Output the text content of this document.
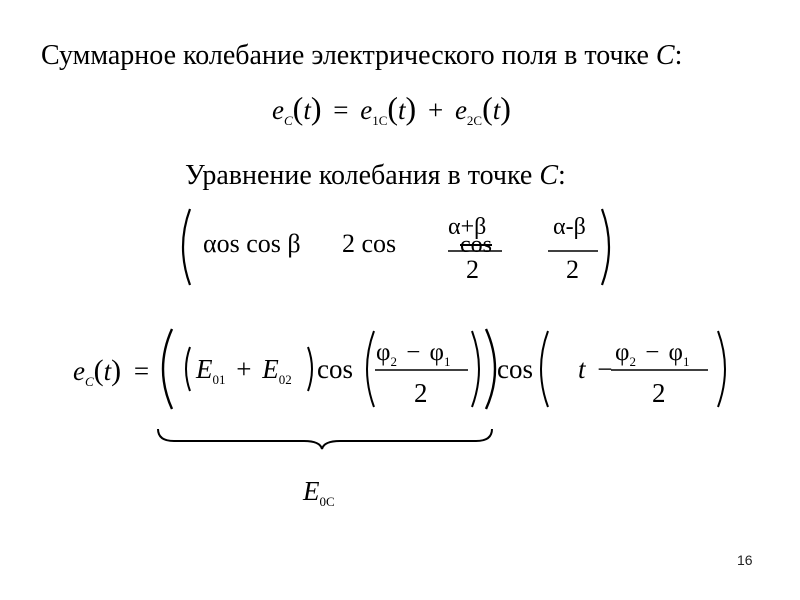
Суммарное колебание электрического поля в точке C:
$e_C(t) = e_{1C}(t) + e_{2C}(t)$
Уравнение колебания в точке C:
αos cos β 2 cos	cos
α+β
2
α-β
2
$e_C(t) = E_{01} + E_{02}$ cos
$\varphi_2 - \varphi_1$
2
cos t −
$\varphi_2 - \varphi_1$
2
$E_{0C}$
16
